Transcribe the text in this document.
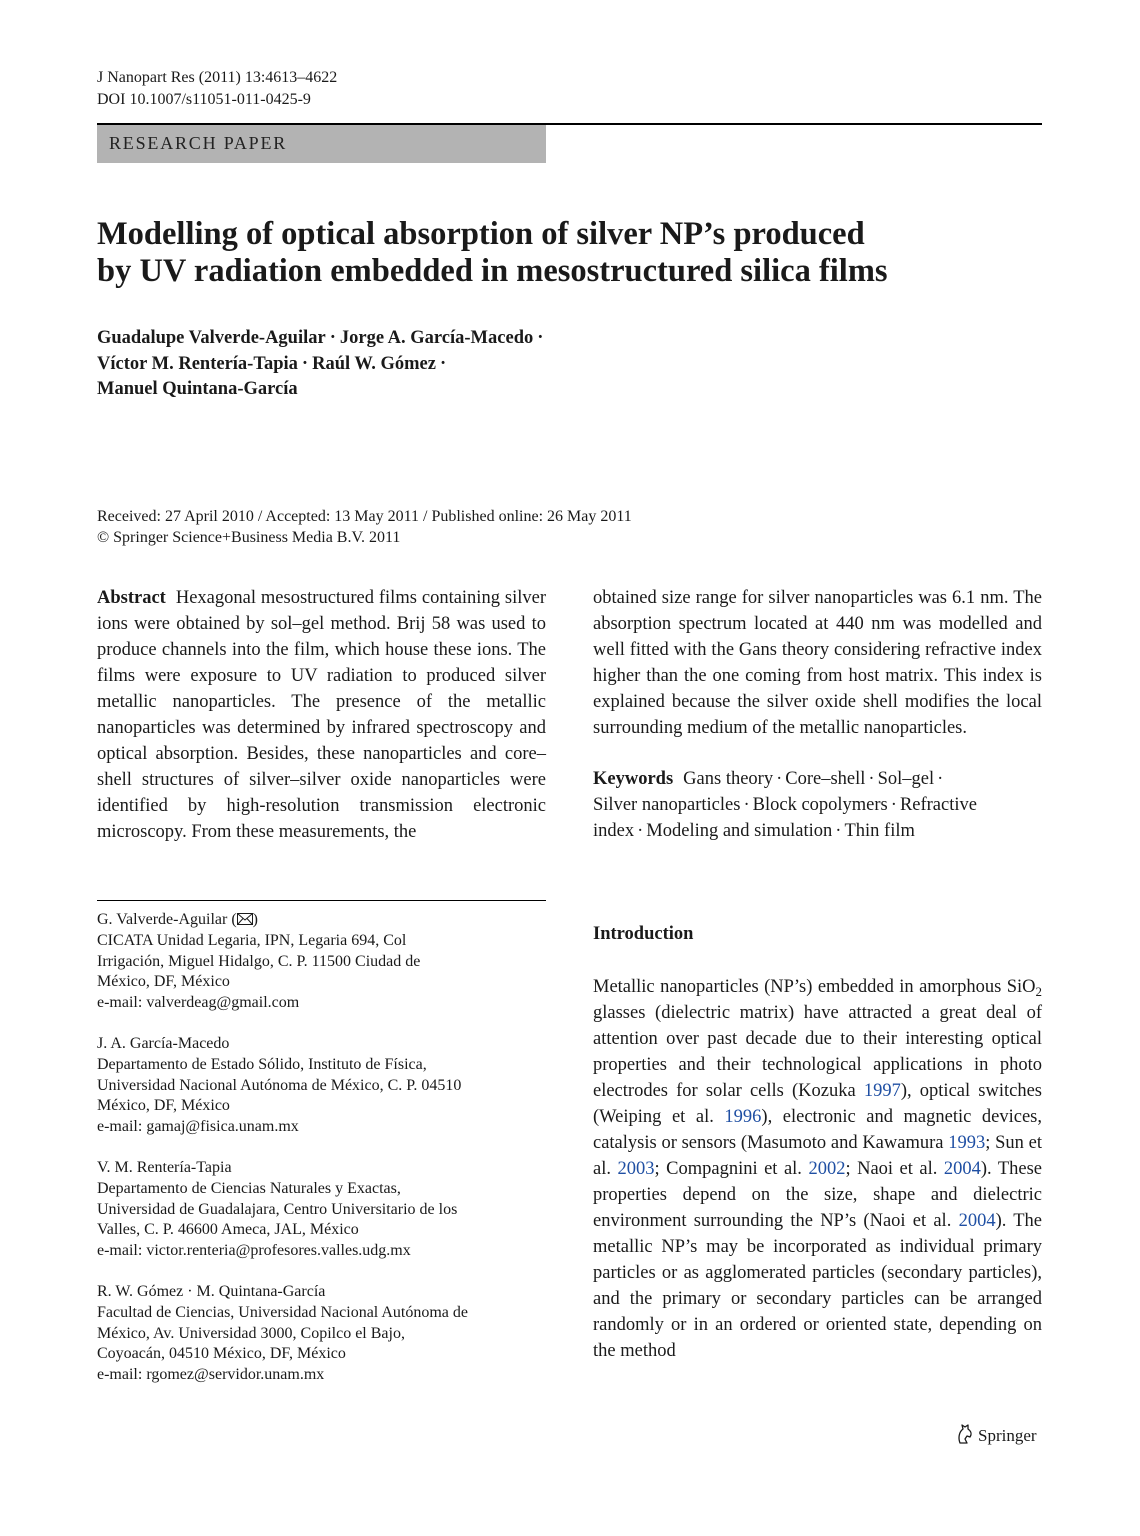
J Nanopart Res (2011) 13:4613–4622
DOI 10.1007/s11051-011-0425-9
RESEARCH PAPER
Modelling of optical absorption of silver NP’s produced
by UV radiation embedded in mesostructured silica films
Guadalupe Valverde-Aguilar · Jorge A. García-Macedo ·
Víctor M. Rentería-Tapia · Raúl W. Gómez ·
Manuel Quintana-García
Received: 27 April 2010 / Accepted: 13 May 2011 / Published online: 26 May 2011
© Springer Science+Business Media B.V. 2011

Abstract Hexagonal mesostructured films containing silver ions were obtained by sol–gel method. Brij 58 was used to produce channels into the film, which house these ions. The films were exposure to UV radiation to produced silver metallic nanoparticles. The presence of the metallic nanoparticles was determined by infrared spectroscopy and optical absorption. Besides, these nanoparticles and core–shell structures of silver–silver oxide nanoparticles were identified by high-resolution transmission electronic microscopy. From these measurements, the

obtained size range for silver nanoparticles was 6.1 nm. The absorption spectrum located at 440 nm was modelled and well fitted with the Gans theory considering refractive index higher than the one coming from host matrix. This index is explained because the silver oxide shell modifies the local surrounding medium of the metallic nanoparticles.

Keywords Gans theory · Core–shell · Sol–gel ·
Silver nanoparticles · Block copolymers · Refractive index · Modeling and simulation · Thin film

G. Valverde-Aguilar ( )
CICATA Unidad Legaria, IPN, Legaria 694, Col
Irrigación, Miguel Hidalgo, C. P. 11500 Ciudad de
México, DF, México
e-mail: valverdeag@gmail.com
J. A. García-Macedo
Departamento de Estado Sólido, Instituto de Física,
Universidad Nacional Autónoma de México, C. P. 04510
México, DF, México
e-mail: gamaj@fisica.unam.mx
V. M. Rentería-Tapia
Departamento de Ciencias Naturales y Exactas,
Universidad de Guadalajara, Centro Universitario de los
Valles, C. P. 46600 Ameca, JAL, México
e-mail: victor.renteria@profesores.valles.udg.mx
R. W. Gómez · M. Quintana-García
Facultad de Ciencias, Universidad Nacional Autónoma de
México, Av. Universidad 3000, Copilco el Bajo,
Coyoacán, 04510 México, DF, México
e-mail: rgomez@servidor.unam.mx
Introduction

Metallic nanoparticles (NP’s) embedded in amorphous SiO$_2$ glasses (dielectric matrix) have attracted a great deal of attention over past decade due to their interesting optical properties and their technological applications in photo electrodes for solar cells (Kozuka 1997), optical switches (Weiping et al. 1996), electronic and magnetic devices, catalysis or sensors (Masumoto and Kawamura 1993; Sun et al. 2003; Compagnini et al. 2002; Naoi et al. 2004). These properties depend on the size, shape and dielectric environment surrounding the NP’s (Naoi et al. 2004). The metallic NP’s may be incorporated as individual primary particles or as agglomerated particles (secondary particles), and the primary or secondary particles can be arranged randomly or in an ordered or oriented state, depending on the method

Springer
